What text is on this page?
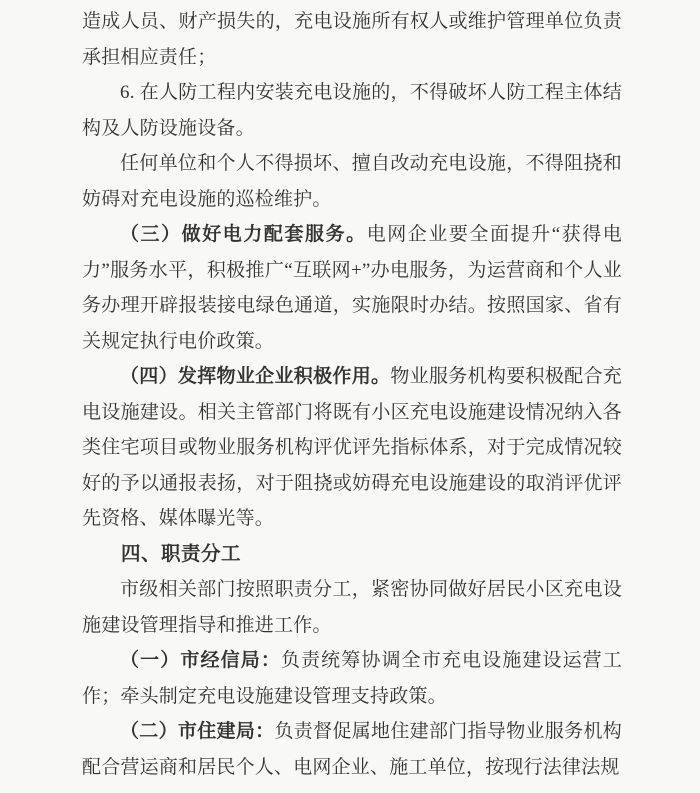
造成人员、财产损失的，充电设施所有权人或维护管理单位负责承担相应责任；

6. 在人防工程内安装充电设施的，不得破坏人防工程主体结构及人防设施设备。

任何单位和个人不得损坏、擅自改动充电设施，不得阻挠和妨碍对充电设施的巡检维护。

（三）做好电力配套服务。电网企业要全面提升“获得电力”服务水平，积极推广“互联网+”办电服务，为运营商和个人业务办理开辟报装接电绿色通道，实施限时办结。按照国家、省有关规定执行电价政策。

（四）发挥物业企业积极作用。物业服务机构要积极配合充电设施建设。相关主管部门将既有小区充电设施建设情况纳入各类住宅项目或物业服务机构评优评先指标体系，对于完成情况较好的予以通报表扬，对于阻挠或妨碍充电设施建设的取消评优评先资格、媒体曝光等。

四、职责分工

市级相关部门按照职责分工，紧密协同做好居民小区充电设施建设管理指导和推进工作。

（一）市经信局：负责统筹协调全市充电设施建设运营工作；牵头制定充电设施建设管理支持政策。

（二）市住建局：负责督促属地住建部门指导物业服务机构配合营运商和居民个人、电网企业、施工单位，按现行法律法规
